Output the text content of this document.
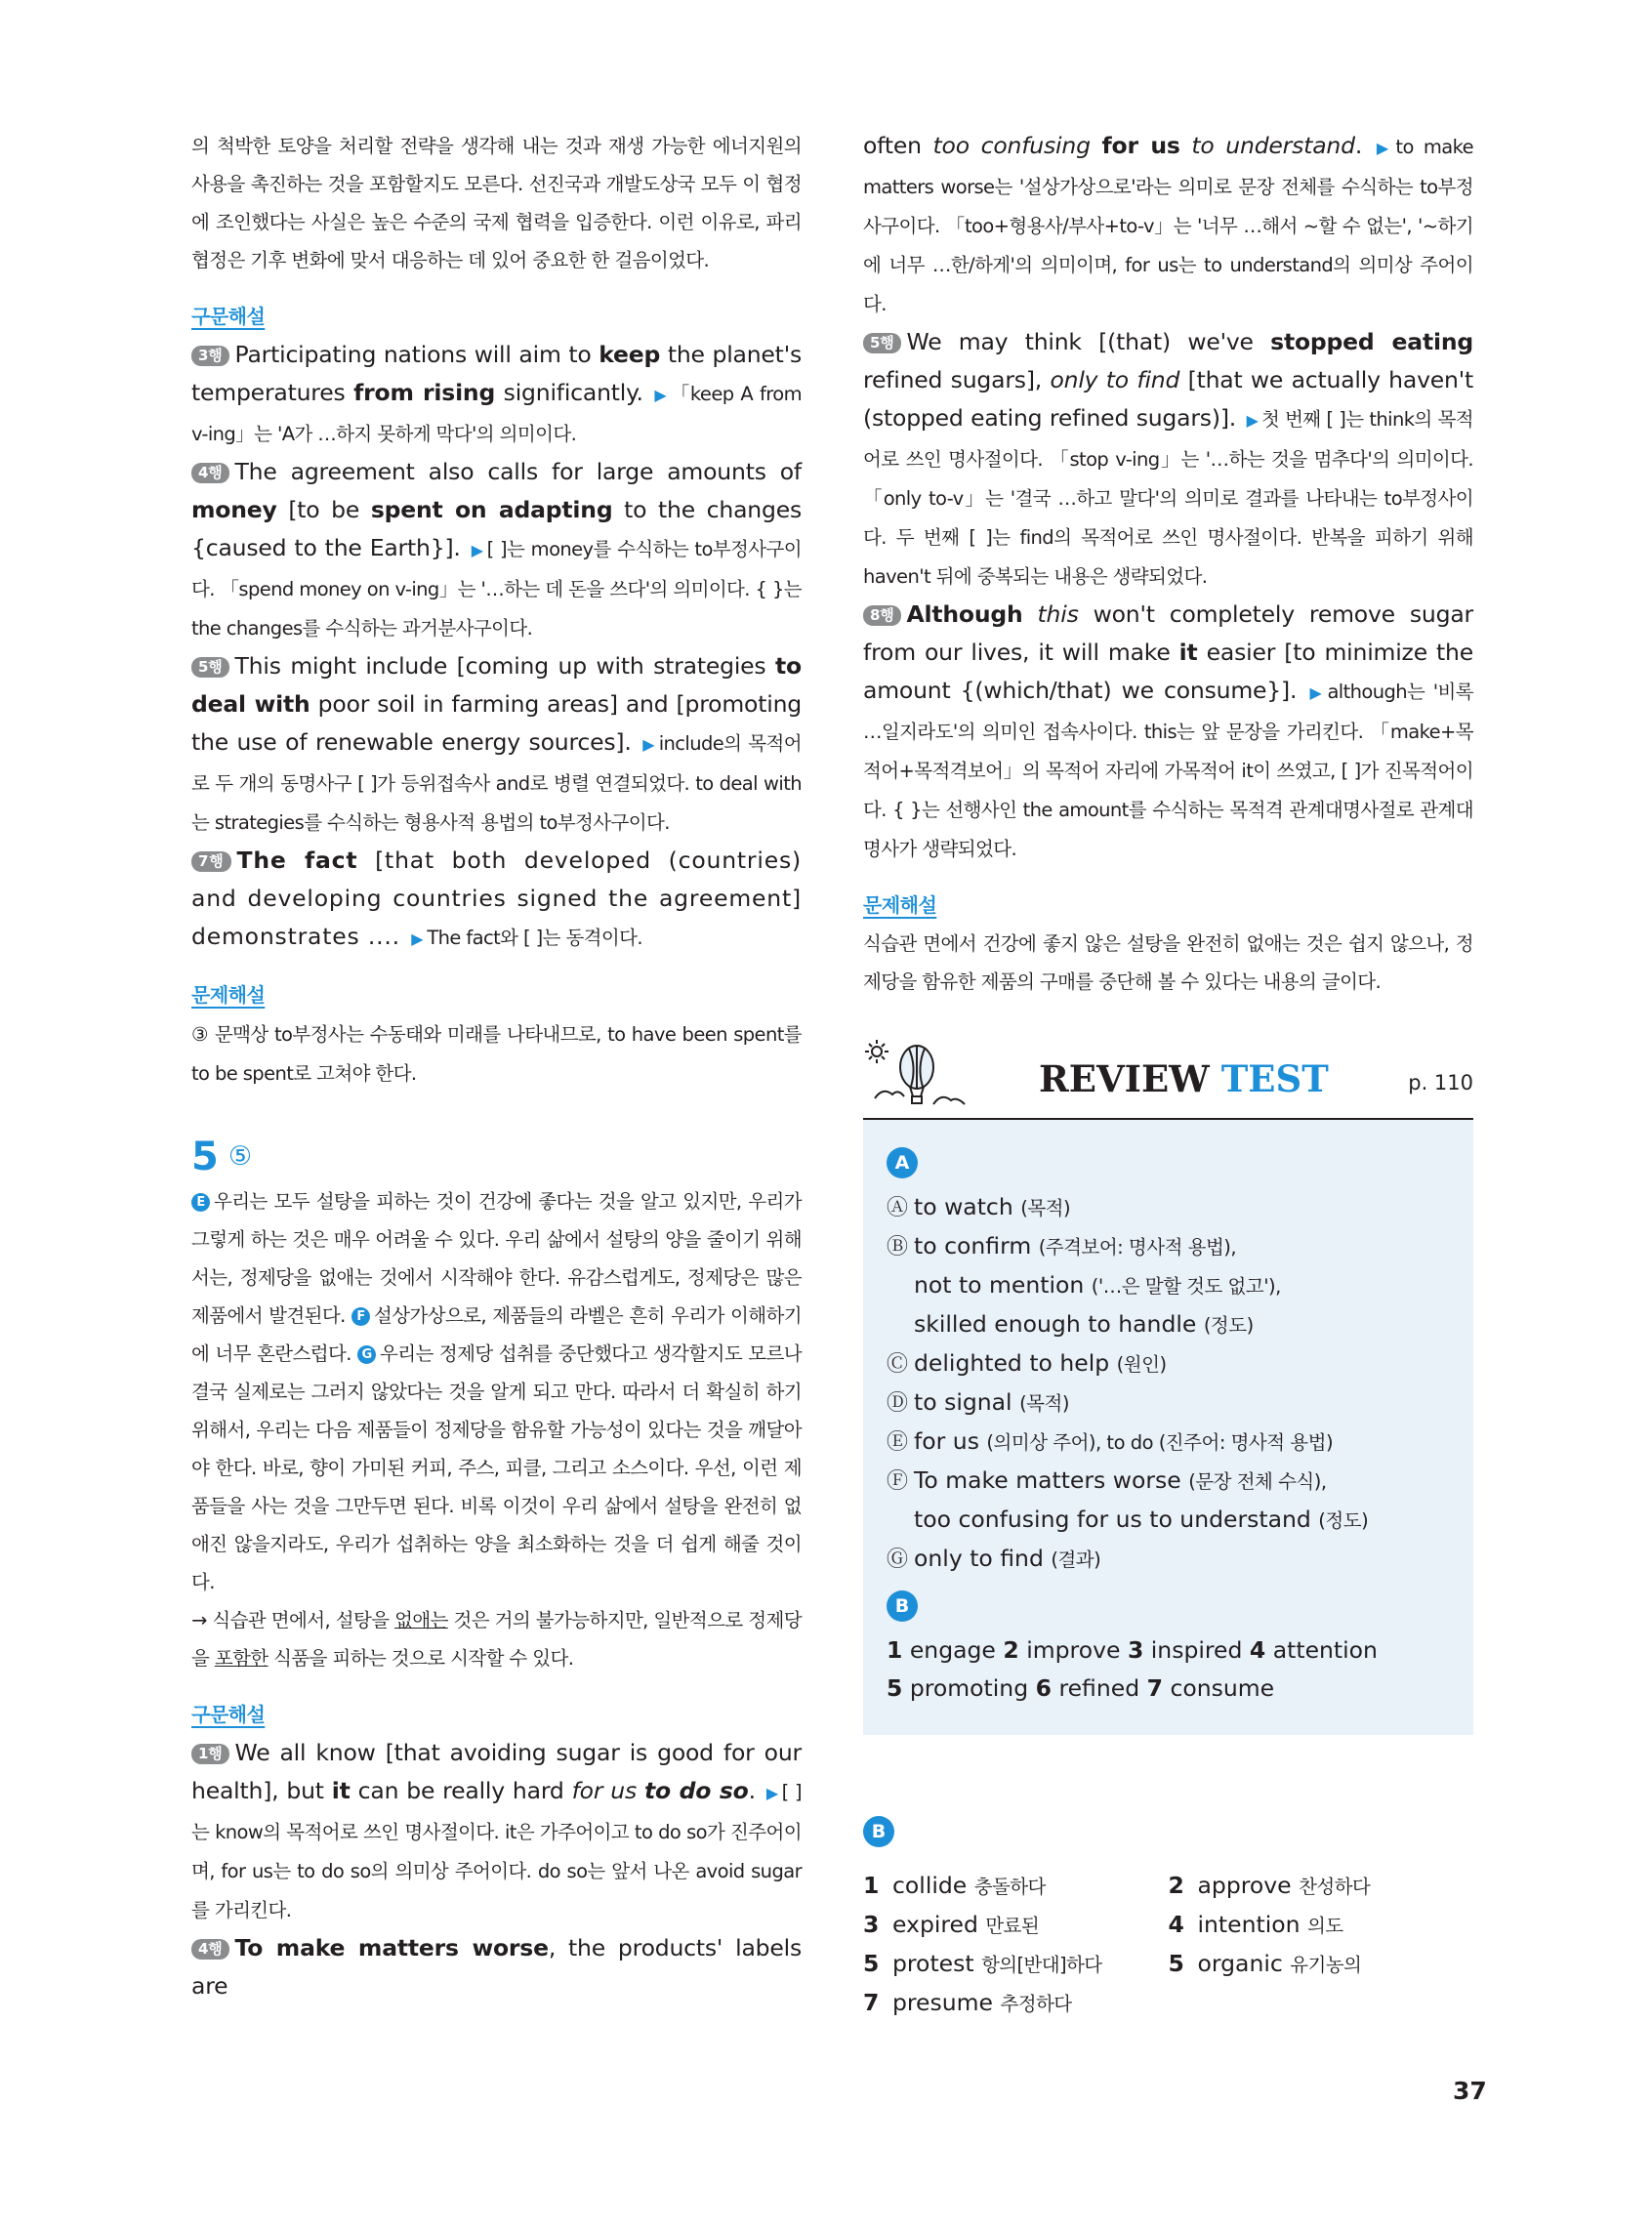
의 척박한 토양을 처리할 전략을 생각해 내는 것과 재생 가능한 에너지원의 사용을 촉진하는 것을 포함할지도 모른다. 선진국과 개발도상국 모두 이 협정에 조인했다는 사실은 높은 수준의 국제 협력을 입증한다. 이런 이유로, 파리협정은 기후 변화에 맞서 대응하는 데 있어 중요한 한 걸음이었다.

구문해설

3행 Participating nations will aim to keep the planet's temperatures from rising significantly. ▶ 「keep A from v-ing」는 'A가 …하지 못하게 막다'의 의미이다.

4행 The agreement also calls for large amounts of money [to be spent on adapting to the changes {caused to the Earth}]. ▶ [ ]는 money를 수식하는 to부정사구이다. 「spend money on v-ing」는 '…하는 데 돈을 쓰다'의 의미이다. { }는 the changes를 수식하는 과거분사구이다.

5행 This might include [coming up with strategies to deal with poor soil in farming areas] and [promoting the use of renewable energy sources]. ▶ include의 목적어로 두 개의 동명사구 [ ]가 등위접속사 and로 병렬 연결되었다. to deal with는 strategies를 수식하는 형용사적 용법의 to부정사구이다.

7행 The fact [that both developed (countries) and developing countries signed the agreement] demonstrates .... ▶ The fact와 [ ]는 동격이다.

문제해설

③ 문맥상 to부정사는 수동태와 미래를 나타내므로, to have been spent를 to be spent로 고쳐야 한다.

5 ⑤

E 우리는 모두 설탕을 피하는 것이 건강에 좋다는 것을 알고 있지만, 우리가 그렇게 하는 것은 매우 어려울 수 있다. 우리 삶에서 설탕의 양을 줄이기 위해서는, 정제당을 없애는 것에서 시작해야 한다. 유감스럽게도, 정제당은 많은 제품에서 발견된다. F 설상가상으로, 제품들의 라벨은 흔히 우리가 이해하기에 너무 혼란스럽다. G 우리는 정제당 섭취를 중단했다고 생각할지도 모르나 결국 실제로는 그러지 않았다는 것을 알게 되고 만다. 따라서 더 확실히 하기 위해서, 우리는 다음 제품들이 정제당을 함유할 가능성이 있다는 것을 깨달아야 한다. 바로, 향이 가미된 커피, 주스, 피클, 그리고 소스이다. 우선, 이런 제품들을 사는 것을 그만두면 된다. 비록 이것이 우리 삶에서 설탕을 완전히 없애진 않을지라도, 우리가 섭취하는 양을 최소화하는 것을 더 쉽게 해줄 것이다.

→ 식습관 면에서, 설탕을 없애는 것은 거의 불가능하지만, 일반적으로 정제당을 포함한 식품을 피하는 것으로 시작할 수 있다.

구문해설

1행 We all know [that avoiding sugar is good for our health], but it can be really hard for us to do so. ▶ [ ]는 know의 목적어로 쓰인 명사절이다. it은 가주어이고 to do so가 진주어이며, for us는 to do so의 의미상 주어이다. do so는 앞서 나온 avoid sugar를 가리킨다.

4행 To make matters worse, the products' labels are

often too confusing for us to understand. ▶ to make matters worse는 '설상가상으로'라는 의미로 문장 전체를 수식하는 to부정사구이다. 「too+형용사/부사+to-v」는 '너무 …해서 ~할 수 없는', '~하기에 너무 …한/하게'의 의미이며, for us는 to understand의 의미상 주어이다.

5행 We may think [(that) we've stopped eating refined sugars], only to find [that we actually haven't (stopped eating refined sugars)]. ▶ 첫 번째 [ ]는 think의 목적어로 쓰인 명사절이다. 「stop v-ing」는 '…하는 것을 멈추다'의 의미이다. 「only to-v」는 '결국 …하고 말다'의 의미로 결과를 나타내는 to부정사이다. 두 번째 [ ]는 find의 목적어로 쓰인 명사절이다. 반복을 피하기 위해 haven't 뒤에 중복되는 내용은 생략되었다.

8행 Although this won't completely remove sugar from our lives, it will make it easier [to minimize the amount {(which/that) we consume}]. ▶ although는 '비록 …일지라도'의 의미인 접속사이다. this는 앞 문장을 가리킨다. 「make+목적어+목적격보어」의 목적어 자리에 가목적어 it이 쓰였고, [ ]가 진목적어이다. { }는 선행사인 the amount를 수식하는 목적격 관계대명사절로 관계대명사가 생략되었다.

문제해설

식습관 면에서 건강에 좋지 않은 설탕을 완전히 없애는 것은 쉽지 않으나, 정제당을 함유한 제품의 구매를 중단해 볼 수 있다는 내용의 글이다.

REVIEW TEST	p. 110
A
Ⓐ to watch (목적)
Ⓑ to confirm (주격보어: 명사적 용법),
not to mention ('…은 말할 것도 없고'),
skilled enough to handle (정도)
Ⓒ delighted to help (원인)
Ⓓ to signal (목적)
Ⓔ for us (의미상 주어), to do (진주어: 명사적 용법)
Ⓕ To make matters worse (문장 전체 수식),
too confusing for us to understand (정도)
Ⓖ only to find (결과)
B
1 engage 2 improve 3 inspired 4 attention
5 promoting 6 refined 7 consume
B
1 collide 충돌하다	2 approve 찬성하다
3 expired 만료된	4 intention 의도
5 protest 항의[반대]하다	5 organic 유기농의
7 presume 추정하다
37
